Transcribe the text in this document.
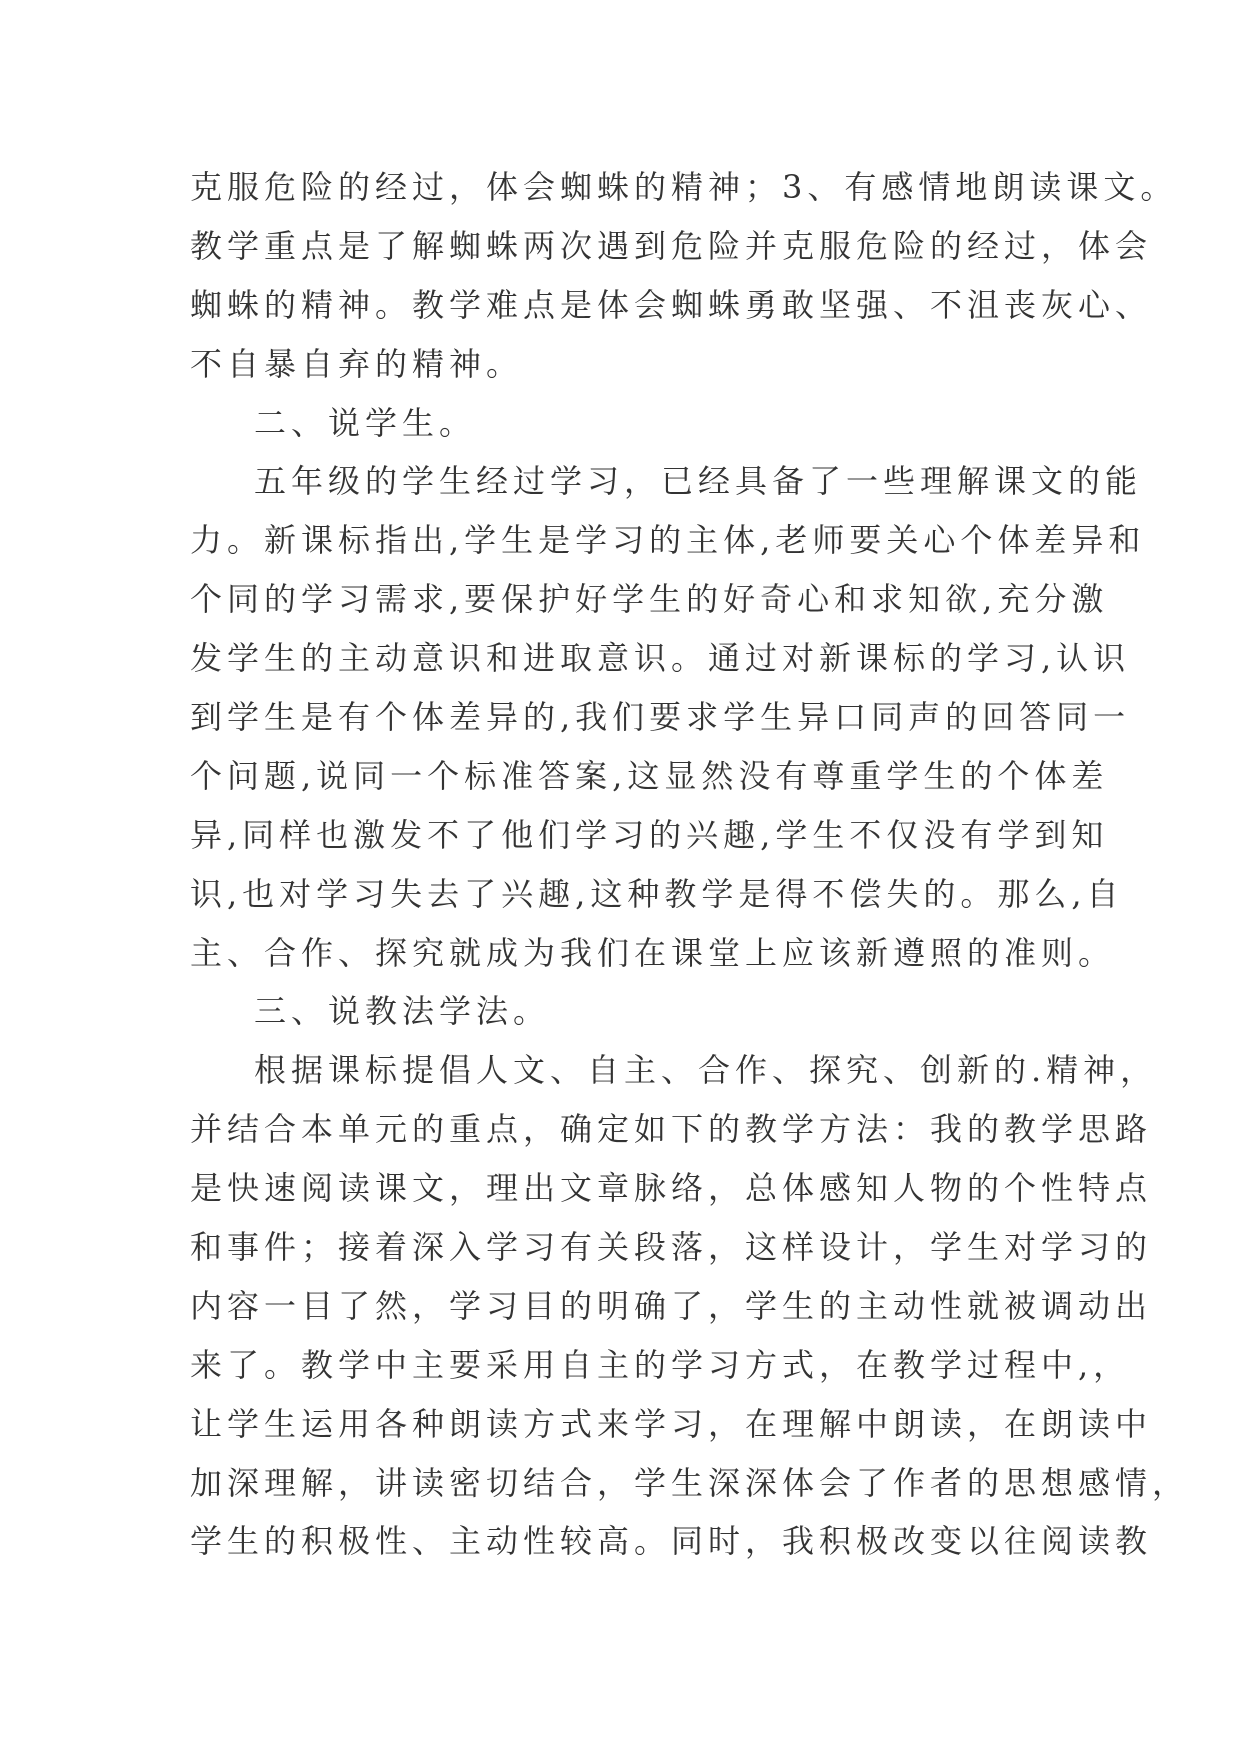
克服危险的经过，体会蜘蛛的精神；3、有感情地朗读课文。
教学重点是了解蜘蛛两次遇到危险并克服危险的经过，体会
蜘蛛的精神。教学难点是体会蜘蛛勇敢坚强、不沮丧灰心、
不自暴自弃的精神。
二、说学生。
五年级的学生经过学习，已经具备了一些理解课文的能
力。新课标指出,学生是学习的主体,老师要关心个体差异和
个同的学习需求,要保护好学生的好奇心和求知欲,充分激
发学生的主动意识和进取意识。通过对新课标的学习,认识
到学生是有个体差异的,我们要求学生异口同声的回答同一
个问题,说同一个标准答案,这显然没有尊重学生的个体差
异,同样也激发不了他们学习的兴趣,学生不仅没有学到知
识,也对学习失去了兴趣,这种教学是得不偿失的。那么,自
主、合作、探究就成为我们在课堂上应该新遵照的准则。
三、说教法学法。
根据课标提倡人文、自主、合作、探究、创新的.精神，
并结合本单元的重点，确定如下的教学方法：我的教学思路
是快速阅读课文，理出文章脉络，总体感知人物的个性特点
和事件；接着深入学习有关段落，这样设计，学生对学习的
内容一目了然，学习目的明确了，学生的主动性就被调动出
来了。教学中主要采用自主的学习方式，在教学过程中,，
让学生运用各种朗读方式来学习，在理解中朗读，在朗读中
加深理解，讲读密切结合，学生深深体会了作者的思想感情，
学生的积极性、主动性较高。同时，我积极改变以往阅读教
